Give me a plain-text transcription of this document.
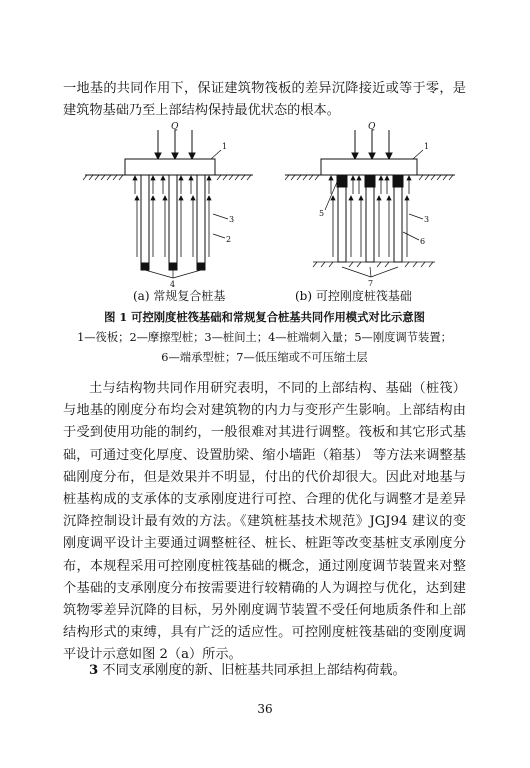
一地基的共同作用下，保证建筑物筏板的差异沉降接近或等于零，是建筑物基础乃至上部结构保持最优状态的根本。

Q	Q
1
2
3
4
1
5
3
6
7
(a) 常规复合桩基	(b) 可控刚度桩筏基础
图 1 可控刚度桩筏基础和常规复合桩基共同作用模式对比示意图
1—筏板；2—摩擦型桩；3—桩间土；4—桩端刺入量；5—刚度调节装置；
6—端承型桩；7—低压缩或不可压缩土层

土与结构物共同作用研究表明，不同的上部结构、基础（桩筏）与地基的刚度分布均会对建筑物的内力与变形产生影响。上部结构由于受到使用功能的制约，一般很难对其进行调整。筏板和其它形式基础，可通过变化厚度、设置肋梁、缩小墙距（箱基） 等方法来调整基础刚度分布，但是效果并不明显，付出的代价却很大。因此对地基与桩基构成的支承体的支承刚度进行可控、合理的优化与调整才是差异沉降控制设计最有效的方法。《建筑桩基技术规范》JGJ94 建议的变刚度调平设计主要通过调整桩径、桩长、桩距等改变基桩支承刚度分布，本规程采用可控刚度桩筏基础的概念，通过刚度调节装置来对整个基础的支承刚度分布按需要进行较精确的人为调控与优化，达到建筑物零差异沉降的目标，另外刚度调节装置不受任何地质条件和上部结构形式的束缚，具有广泛的适应性。可控刚度桩筏基础的变刚度调平设计示意如图 2（a）所示。

3 不同支承刚度的新、旧桩基共同承担上部结构荷载。

36
